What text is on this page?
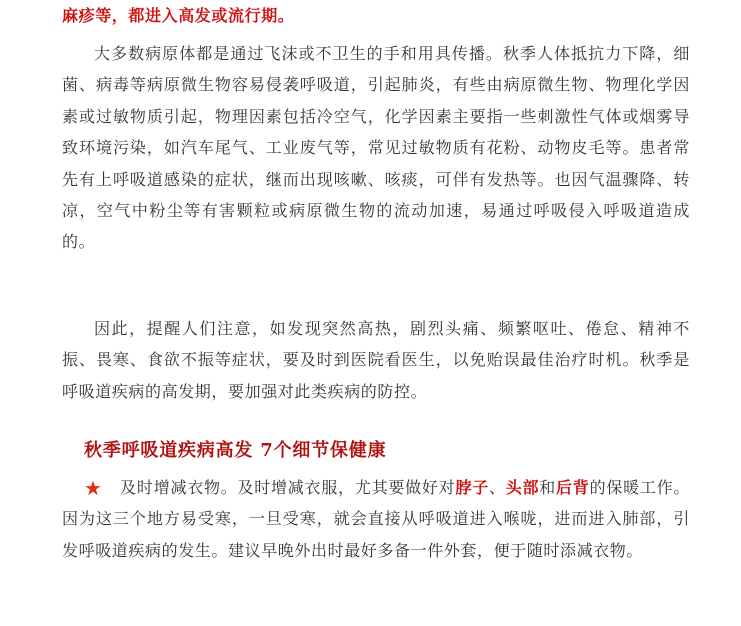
麻疹等，都进入高发或流行期。

大多数病原体都是通过飞沫或不卫生的手和用具传播。秋季人体抵抗力下降，细菌、病毒等病原微生物容易侵袭呼吸道，引起肺炎，有些由病原微生物、物理化学因素或过敏物质引起，物理因素包括冷空气，化学因素主要指一些刺激性气体或烟雾导致环境污染，如汽车尾气、工业废气等，常见过敏物质有花粉、动物皮毛等。患者常先有上呼吸道感染的症状，继而出现咳嗽、咳痰，可伴有发热等。也因气温骤降、转凉，空气中粉尘等有害颗粒或病原微生物的流动加速，易通过呼吸侵入呼吸道造成的。

因此，提醒人们注意，如发现突然高热，剧烈头痛、频繁呕吐、倦怠、精神不振、畏寒、食欲不振等症状，要及时到医院看医生，以免贻误最佳治疗时机。秋季是呼吸道疾病的高发期，要加强对此类疾病的防控。

秋季呼吸道疾病高发 7个细节保健康

★ 及时增减衣物。及时增减衣服，尤其要做好对脖子、头部和后背的保暖工作。因为这三个地方易受寒，一旦受寒，就会直接从呼吸道进入喉咙，进而进入肺部，引发呼吸道疾病的发生。建议早晚外出时最好多备一件外套，便于随时添减衣物。
